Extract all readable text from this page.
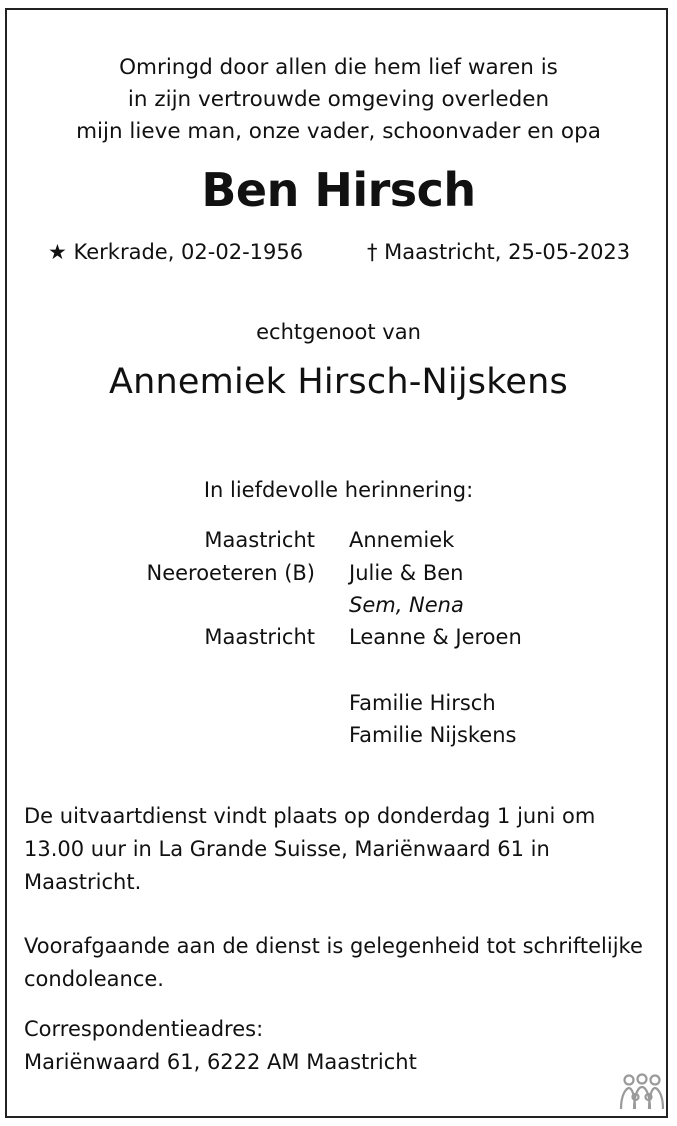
Omringd door allen die hem lief waren is
in zijn vertrouwde omgeving overleden
mijn lieve man, onze vader, schoonvader en opa
Ben Hirsch
★ Kerkrade, 02-02-1956	† Maastricht, 25-05-2023
echtgenoot van
Annemiek Hirsch-Nijskens
In liefdevolle herinnering:
Maastricht Annemiek
Neeroeteren (B) Julie & Ben
Sem, Nena
Maastricht Leanne & Jeroen
Familie Hirsch
Familie Nijskens
De uitvaartdienst vindt plaats op donderdag 1 juni om
13.00 uur in La Grande Suisse, Mariënwaard 61 in
Maastricht.
Voorafgaande aan de dienst is gelegenheid tot schriftelijke
condoleance.
Correspondentieadres:
Mariënwaard 61, 6222 AM Maastricht
